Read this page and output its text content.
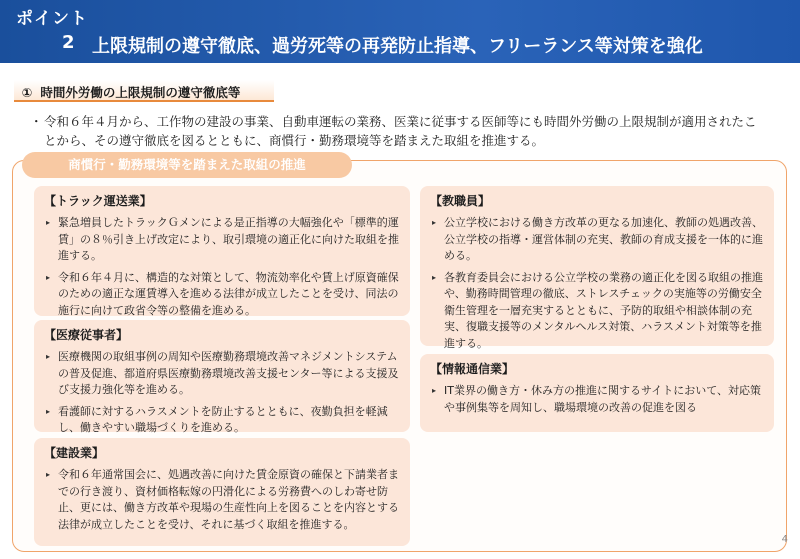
ポイント
2 上限規制の遵守徹底、過労死等の再発防止指導、フリーランス等対策を強化
① 時間外労働の上限規制の遵守徹底等
・ 令和６年４月から、工作物の建設の事業、自動車運転の業務、医業に従事する医師等にも時間外労働の上限規制が適用されたことから、その遵守徹底を図るとともに、商慣行・勤務環境等を踏まえた取組を推進する。
商慣行・勤務環境等を踏まえた取組の推進
【トラック運送業】
▸ 緊急増員したトラックＧメンによる是正指導の大幅強化や「標準的運賃」の８％引き上げ改定により、取引環境の適正化に向けた取組を推進する。
▸ 令和６年４月に、構造的な対策として、物流効率化や賃上げ原資確保のための適正な運賃導入を進める法律が成立したことを受け、同法の施行に向けて政省令等の整備を進める。
【医療従事者】
▸ 医療機関の取組事例の周知や医療勤務環境改善マネジメントシステムの普及促進、都道府県医療勤務環境改善支援センター等による支援及び支援力強化等を進める。
▸ 看護師に対するハラスメントを防止するとともに、夜勤負担を軽減し、働きやすい職場づくりを進める。
【建設業】
▸ 令和６年通常国会に、処遇改善に向けた賃金原資の確保と下請業者までの行き渡り、資材価格転嫁の円滑化による労務費へのしわ寄せ防止、更には、働き方改革や現場の生産性向上を図ることを内容とする法律が成立したことを受け、それに基づく取組を推進する。
【教職員】
▸ 公立学校における働き方改革の更なる加速化、教師の処遇改善、公立学校の指導・運営体制の充実、教師の育成支援を一体的に進める。
▸ 各教育委員会における公立学校の業務の適正化を図る取組の推進や、勤務時間管理の徹底、ストレスチェックの実施等の労働安全衛生管理を一層充実するとともに、予防的取組や相談体制の充実、復職支援等のメンタルヘルス対策、ハラスメント対策等を推進する。
【情報通信業】
▸ IT業界の働き方・休み方の推進に関するサイトにおいて、対応策や事例集等を周知し、職場環境の改善の促進を図る
4
